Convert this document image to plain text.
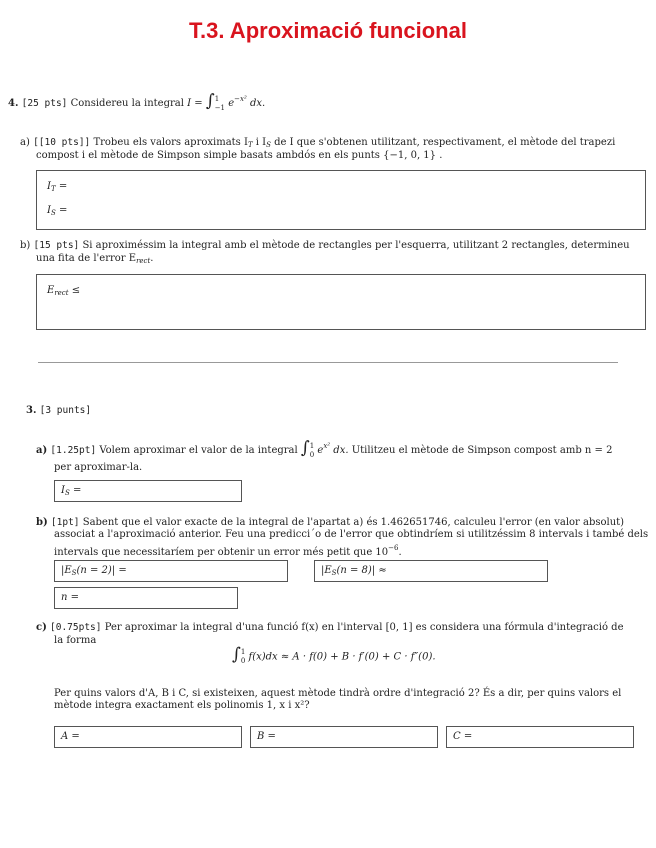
T.3. Aproximació funcional
4. [25 pts] Considereu la integral I = ∫ 1
−1 $e^{-x^2}$ dx.
a) [[10 pts]] Trobeu els valors aproximats $I_T$ i $I_S$ de I que s'obtenen utilitzant, respectivament, el mètode del trapezi
compost i el mètode de Simpson simple basats ambdós en els punts {−1, 0, 1} .
$I_T$ =
$I_S$ =
b) [15 pts] Si aproximéssim la integral amb el mètode de rectangles per l'esquerra, utilitzant 2 rectangles, determineu
una fita de l'error $E_{rect}$.
$E_{rect}$ ≤
3. [3 punts]
a) [1.25pt] Volem aproximar el valor de la integral ∫ 1
0 $e^{x^2}$ dx. Utilitzeu el mètode de Simpson compost amb n = 2
per aproximar-la.
$I_S$ =
b) [1pt] Sabent que el valor exacte de la integral de l'apartat a) és 1.462651746, calculeu l'error (en valor absolut)
associat a l'aproximació anterior. Feu una predicci´o de l'error que obtindríem si utilitzéssim 8 intervals i també dels
intervals que necessitaríem per obtenir un error més petit que $10^{-6}$.
$|E_S(n = 2)|$ =	$|E_S(n = 8)|$ ≈
n =
c) [0.75pts] Per aproximar la integral d'una funció f(x) en l'interval [0, 1] es considera una fórmula d'integració de
la forma
∫ 1
0 f(x)dx ≈ A · f(0) + B · f′(0) + C · f″(0).
Per quins valors d'A, B i C, si existeixen, aquest mètode tindrà ordre d'integració 2? És a dir, per quins valors el
mètode integra exactament els polinomis 1, x i x²?
A =	B =	C =
